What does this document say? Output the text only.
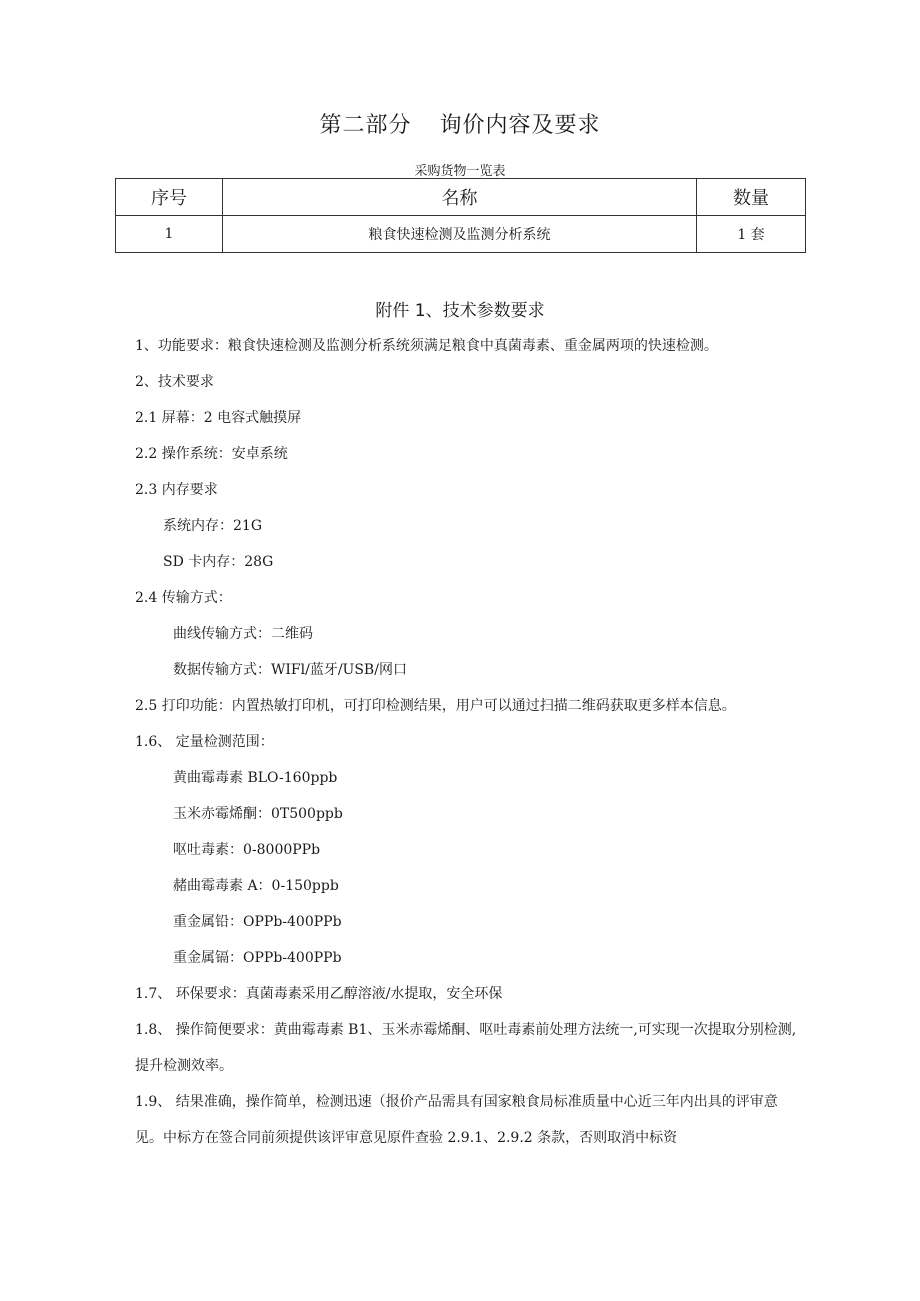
第二部分 询价内容及要求

采购货物一览表

序号	名称	数量
1	粮食快速检测及监测分析系统	1 套
附件 1、技术参数要求

1、功能要求：粮食快速检测及监测分析系统须满足粮食中真菌毒素、重金属两项的快速检测。

2、技术要求

2.1 屏幕：2 电容式触摸屏

2.2 操作系统：安卓系统

2.3 内存要求

系统内存：21G

SD 卡内存：28G

2.4 传输方式：

曲线传输方式：二维码

数据传输方式：WIFl/蓝牙/USB/网口

2.5 打印功能：内置热敏打印机，可打印检测结果，用户可以通过扫描二维码获取更多样本信息。

1.6、 定量检测范围：

黄曲霉毒素 BLO-160ppb

玉米赤霉烯酮：0T500ppb

呕吐毒素：0-8000PPb

赭曲霉毒素 A：0-150ppb

重金属铅：OPPb-400PPb

重金属镉：OPPb-400PPb

1.7、 环保要求：真菌毒素采用乙醇溶液/水提取，安全环保

1.8、 操作简便要求：黄曲霉毒素 B1、玉米赤霉烯酮、呕吐毒素前处理方法统一,可实现一次提取分别检测,提升检测效率。

1.9、 结果准确，操作简单，检测迅速（报价产品需具有国家粮食局标准质量中心近三年内出具的评审意见。中标方在签合同前须提供该评审意见原件查验 2.9.1、2.9.2 条款，否则取消中标资
